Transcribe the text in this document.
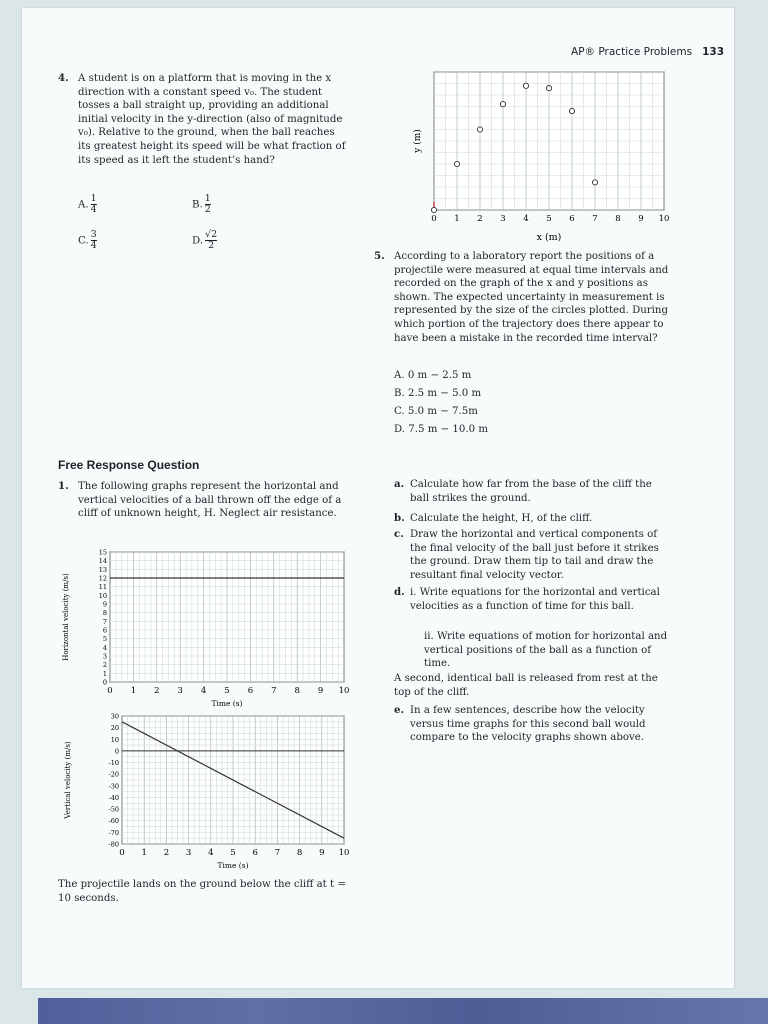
AP® Practice Problems 133
4. A student is on a platform that is moving in the x direction with a constant speed v₀. The student tosses a ball straight up, providing an additional initial velocity in the y-direction (also of magnitude v₀). Relative to the ground, when the ball reaches its greatest height its speed will be what fraction of its speed as it left the student’s hand?
A. $\frac{1}{4}$	B. $\frac{1}{2}$
C. $\frac{3}{4}$	D. $\frac{√2}{2}$
0 1 2 3 4 5 6 7 8 9 10
x (m)
y (m)
5. According to a laboratory report the positions of a projectile were measured at equal time intervals and recorded on the graph of the x and y positions as shown. The expected uncertainty in measurement is represented by the size of the circles plotted. During which portion of the trajectory does there appear to have been a mistake in the recorded time interval?
A. 0 m − 2.5 m
B. 2.5 m − 5.0 m
C. 5.0 m − 7.5m
D. 7.5 m − 10.0 m
Free Response Question
1. The following graphs represent the horizontal and vertical velocities of a ball thrown off the edge of a cliff of unknown height, H. Neglect air resistance.
0 1 2 3 4 5 6 7 8 9 10
0
1
2
3
4
5
6
7
8
9
10
11
12
13
14
15
Time (s)
Horizontal velocity (m/s)
0 1 2 3 4 5 6 7 8 9 10
30
20
10
0
-10
-20
-30
-40
-50
-60
-70
-80
Time (s)
Vertical velocity (m/s)
The projectile lands on the ground below the cliff at t = 10 seconds.
a. Calculate how far from the base of the cliff the ball strikes the ground.
b. Calculate the height, H, of the cliff.
c. Draw the horizontal and vertical components of the final velocity of the ball just before it strikes the ground. Draw them tip to tail and draw the resultant final velocity vector.
d. i. Write equations for the horizontal and vertical velocities as a function of time for this ball.
ii. Write equations of motion for horizontal and vertical positions of the ball as a function of time.
A second, identical ball is released from rest at the top of the cliff.
e. In a few sentences, describe how the velocity versus time graphs for this second ball would compare to the velocity graphs shown above.
